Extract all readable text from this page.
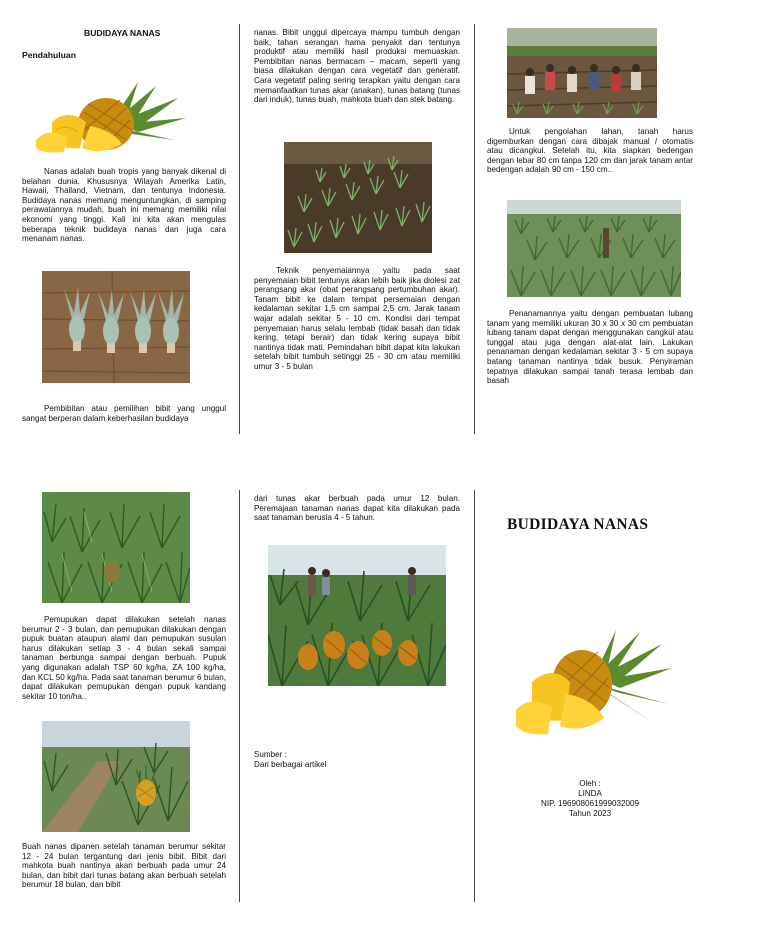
BUDIDAYA NANAS
Pendahuluan
Nanas adalah buah tropis yang banyak dikenal di belahan dunia. Khususnya Wilayah Amerika Latin, Hawaii, Thailand, Vietnam, dan tentunya Indonesia. Budidaya nanas memang menguntungkan, di samping perawatannya mudah, buah ini memang memiliki nilai ekonomi yang tinggi. Kali ini kita akan mengulas beberapa teknik budidaya nanas dan juga cara menanam nanas.
Pembibitan atau pemilihan bibit yang unggul sangat berperan dalam keberhasilan budidaya
nanas. Bibit unggul dipercaya mampu tumbuh dengan baik, tahan serangan hama penyakit dan tentunya produktif atau memiliki hasil produksi memuaskan. Pembibitan nanas bermacam – macam, seperti yang biasa dilakukan dengan cara vegetatif dan generatif. Cara vegetatif paling sering terapkan yaitu dengan cara memanfaatkan tunas akar (anakan), tunas batang (tunas dari induk), tunas buah, mahkota buah dan stek batang.
Teknik penyemaiannya yaitu pada saat penyemaian bibit tentunya akan lebih baik jika diolesi zat perangsang akar (obat perangsang pertumbuhan akar). Tanam bibit ke dalam tempat persemaian dengan kedalaman sekitar 1,5 cm sampai 2,5 cm. Jarak tanam wajar adalah sekitar 5 - 10 cm. Kondisi dari tempat penyemaian harus selalu lembab (tidak basah dan tidak kering, tetapi berair) dan tidak kering supaya bibit nantinya tidak mati. Pemindahan bibit dapat kita lakukan setelah bibit tumbuh setinggi 25 - 30 cm atau memiliki umur 3 - 5 bulan
Untuk pengolahan lahan, tanah harus digemburkan dengan cara dibajak manual / otomatis atau dicangkul. Setelah itu, kita siapkan bedengan dengan lebar 80 cm tanpa 120 cm dan jarak tanam antar bedengan adalah 90 cm - 150 cm..
Penanamannya yaitu dengan pembuatan lubang tanam yang memiliki ukuran 30 x 30 x 30 cm pembuatan lubang tanam dapat dengan menggunakan cangkul atau tunggal atau juga dengan alat-alat lain. Lakukan penanaman dengan kedalaman sekitar 3 - 5 cm supaya batang tanaman nantinya tidak busuk. Penyiraman tepatnya dilakukan sampai tanah terasa lembab dan basah
Pemupukan dapat dilakukan setelah nanas berumur 2 - 3 bulan, dan pemupukan dilakukan dengan pupuk buatan ataupun alami dan pemupukan susulan harus dilakukan setiap 3 - 4 bulan sekali sampai tanaman berbunga sampai dengan berbuah. Pupuk yang digunakan adalah TSP 60 kg/ha, ZA 100 kg/ha, dan KCL 50 kg/ha. Pada saat tanaman berumur 6 bulan, dapat dilakukan pemupukan dengan pupuk kandang sekitar 10 ton/ha..
Buah nanas dipanen setelah tanaman berumur sekitar 12 - 24 bulan tergantung dari jenis bibit. Bibit dari mahkota buah nantinya akan berbuah pada umur 24 bulan, dan bibit dari tunas batang akan berbuah setelah berumur 18 bulan, dan bibit
dari tunas akar berbuah pada umur 12 bulan. Peremajaan tanaman nanas dapat kita dilakukan pada saat tanaman berusia 4 - 5 tahun.
Sumber :
Dari berbagai artikel
BUDIDAYA NANAS
Oleh :
LINDA
NIP. 196908061999032009
Tahun 2023
